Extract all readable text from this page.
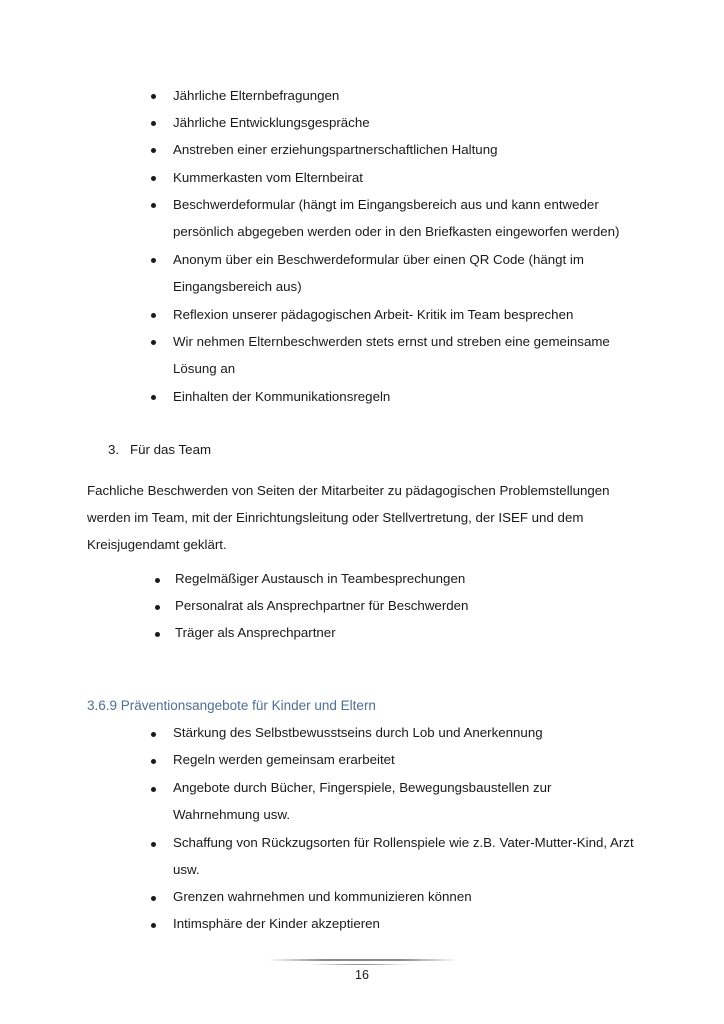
Jährliche Elternbefragungen
Jährliche Entwicklungsgespräche
Anstreben einer erziehungspartnerschaftlichen Haltung
Kummerkasten vom Elternbeirat
Beschwerdeformular (hängt im Eingangsbereich aus und kann entweder
persönlich abgegeben werden oder in den Briefkasten eingeworfen werden)
Anonym über ein Beschwerdeformular über einen QR Code (hängt im
Eingangsbereich aus)
Reflexion unserer pädagogischen Arbeit- Kritik im Team besprechen
Wir nehmen Elternbeschwerden stets ernst und streben eine gemeinsame
Lösung an
Einhalten der Kommunikationsregeln
3. Für das Team
Fachliche Beschwerden von Seiten der Mitarbeiter zu pädagogischen Problemstellungen
werden im Team, mit der Einrichtungsleitung oder Stellvertretung, der ISEF und dem
Kreisjugendamt geklärt.
Regelmäßiger Austausch in Teambesprechungen
Personalrat als Ansprechpartner für Beschwerden
Träger als Ansprechpartner
3.6.9 Präventionsangebote für Kinder und Eltern
Stärkung des Selbstbewusstseins durch Lob und Anerkennung
Regeln werden gemeinsam erarbeitet
Angebote durch Bücher, Fingerspiele, Bewegungsbaustellen zur
Wahrnehmung usw.
Schaffung von Rückzugsorten für Rollenspiele wie z.B. Vater-Mutter-Kind, Arzt
usw.
Grenzen wahrnehmen und kommunizieren können
Intimsphäre der Kinder akzeptieren
16
